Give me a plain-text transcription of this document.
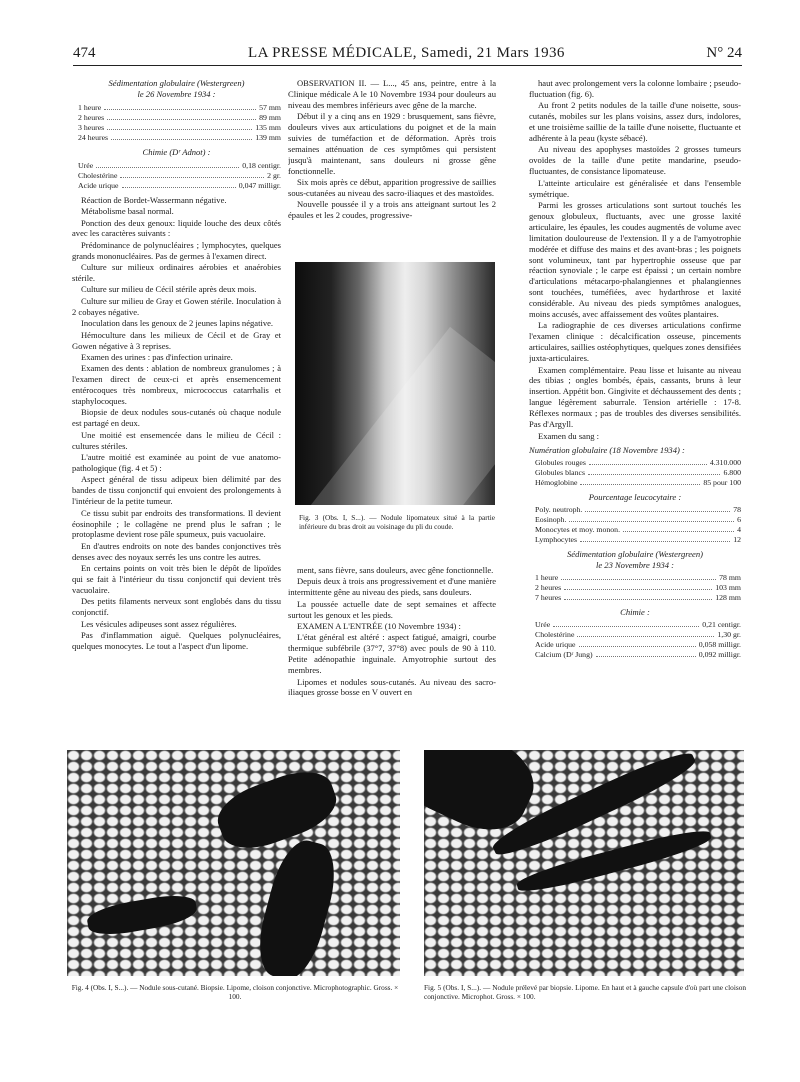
474	LA PRESSE MÉDICALE, Samedi, 21 Mars 1936	N° 24
Sédimentation globulaire (Westergreen)
le 26 Novembre 1934 :
1 heure	57 mm
2 heures	89 mm
3 heures	135 mm
24 heures	139 mm
Chimie (Dʳ Adnot) :
Urée	0,18 centigr.
Cholestérine	2 gr.
Acide urique	0,047 milligr.
Réaction de Bordet-Wassermann négative.
Métabolisme basal normal.
Ponction des deux genoux: liquide louche des deux côtés avec les caractères suivants :
Prédominance de polynucléaires ; lymphocytes, quelques grands mononucléaires. Pas de germes à l'examen direct.
Culture sur milieux ordinaires aérobies et anaérobies stérile.
Culture sur milieu de Cécil stérile après deux mois.
Culture sur milieu de Gray et Gowen stérile. Inoculation à 2 cobayes négative.
Inoculation dans les genoux de 2 jeunes lapins négative.
Hémoculture dans les milieux de Cécil et de Gray et Gowen négative à 3 reprises.
Examen des urines : pas d'infection urinaire.
Examen des dents : ablation de nombreux granulomes ; à l'examen direct de ceux-ci et après ensemencement entérocoques très nombreux, micrococcus catarrhalis et staphylocoques.
Biopsie de deux nodules sous-cutanés où chaque nodule est partagé en deux.
Une moitié est ensemencée dans le milieu de Cécil : cultures stériles.
L'autre moitié est examinée au point de vue anatomo-pathologique (fig. 4 et 5) :
Aspect général de tissu adipeux bien délimité par des bandes de tissu conjonctif qui envoient des prolongements à l'intérieur de la petite tumeur.
Ce tissu subit par endroits des transformations. Il devient éosinophile ; le collagène ne prend plus le safran ; le protoplasme devient rose pâle spumeux, puis vacuolaire.
En d'autres endroits on note des bandes conjonctives très denses avec des noyaux serrés les uns contre les autres.
En certains points on voit très bien le dépôt de lipoïdes qui se fait à l'intérieur du tissu conjonctif qui devient très vacuolaire.
Des petits filaments nerveux sont englobés dans du tissu conjonctif.
Les vésicules adipeuses sont assez régulières.
Pas d'inflammation aiguë. Quelques polynucléaires, quelques monocytes. Le tout a l'aspect d'un lipome.
OBSERVATION II. — L..., 45 ans, peintre, entre à la Clinique médicale A le 10 Novembre 1934 pour douleurs au niveau des membres inférieurs avec gêne de la marche.
Début il y a cinq ans en 1929 : brusquement, sans fièvre, douleurs vives aux articulations du poignet et de la main suivies de tuméfaction et de déformation. Après trois semaines atténuation de ces symptômes qui persistent jusqu'à maintenant, sans douleurs ni grosse gêne fonctionnelle.
Six mois après ce début, apparition progressive de saillies sous-cutanées au niveau des sacro-iliaques et des mastoïdes.
Nouvelle poussée il y a trois ans atteignant surtout les 2 épaules et les 2 coudes, progressive-
Fig. 3 (Obs. I, S...). — Nodule lipomateux situé à la partie inférieure du bras droit au voisinage du pli du coude.
ment, sans fièvre, sans douleurs, avec gêne fonctionnelle.
Depuis deux à trois ans progressivement et d'une manière intermittente gêne au niveau des pieds, sans douleurs.
La poussée actuelle date de sept semaines et affecte surtout les genoux et les pieds.
EXAMEN A L'ENTRÉE (10 Novembre 1934) :
L'état général est altéré : aspect fatigué, amaigri, courbe thermique subfébrile (37°7, 37°8) avec pouls de 90 à 110. Petite adénopathie inguinale. Amyotrophie surtout des membres.
Lipomes et nodules sous-cutanés. Au niveau des sacro-iliaques grosse bosse en V ouvert en
haut avec prolongement vers la colonne lombaire ; pseudo-fluctuation (fig. 6).
Au front 2 petits nodules de la taille d'une noisette, sous-cutanés, mobiles sur les plans voisins, assez durs, indolores, et une troisième saillie de la taille d'une noisette, fluctuante et adhérente à la peau (kyste sébacé).
Au niveau des apophyses mastoïdes 2 grosses tumeurs ovoïdes de la taille d'une petite mandarine, pseudo-fluctuantes, de consistance lipomateuse.
L'atteinte articulaire est généralisée et dans l'ensemble symétrique.
Parmi les grosses articulations sont surtout touchés les genoux globuleux, fluctuants, avec une grosse laxité articulaire, les épaules, les coudes augmentés de volume avec limitation douloureuse de l'extension. Il y a de l'amyotrophie modérée et diffuse des mains et des avant-bras ; les poignets sont volumineux, tant par hypertrophie osseuse que par réaction synoviale ; le carpe est épaissi ; un certain nombre d'articulations métacarpo-phalangiennes et phalangiennes sont touchées, tuméfiées, avec hydarthrose et laxité considérable. Au niveau des pieds symptômes analogues, moins accusés, avec affaissement des voûtes plantaires.
La radiographie de ces diverses articulations confirme l'examen clinique : décalcification osseuse, pincements articulaires, saillies ostéophytiques, quelques zones densifiées juxta-articulaires.
Examen complémentaire. Peau lisse et luisante au niveau des tibias ; ongles bombés, épais, cassants, bruns à leur insertion. Appétit bon. Gingivite et déchaussement des dents ; langue légèrement saburrale. Tension artérielle : 17-8. Réflexes normaux ; pas de troubles des diverses sensibilités. Pas d'Argyll.
Examen du sang :
Numération globulaire (18 Novembre 1934) :
Globules rouges	4.310.000
Globules blancs	6.800
Hémoglobine	85 pour 100
Pourcentage leucocytaire :
Poly. neutroph.	78
Eosinoph.	6
Monocytes et moy. monon.	4
Lymphocytes	12
Sédimentation globulaire (Westergreen)
le 23 Novembre 1934 :
1 heure	78 mm
2 heures	103 mm
7 heures	128 mm
Chimie :
Urée	0,21 centigr.
Cholestérine	1,30 gr.
Acide urique	0,058 milligr.
Calcium (Dʳ Jung)	0,092 milligr.
Fig. 4 (Obs. I, S...). — Nodule sous-cutané. Biopsie. Lipome, cloison conjonctive. Microphotographic. Gross. × 100.
Fig. 5 (Obs. I, S...). — Nodule prélevé par biopsie. Lipome. En haut et à gauche capsule d'où part une cloison conjonctive. Microphot. Gross. × 100.
